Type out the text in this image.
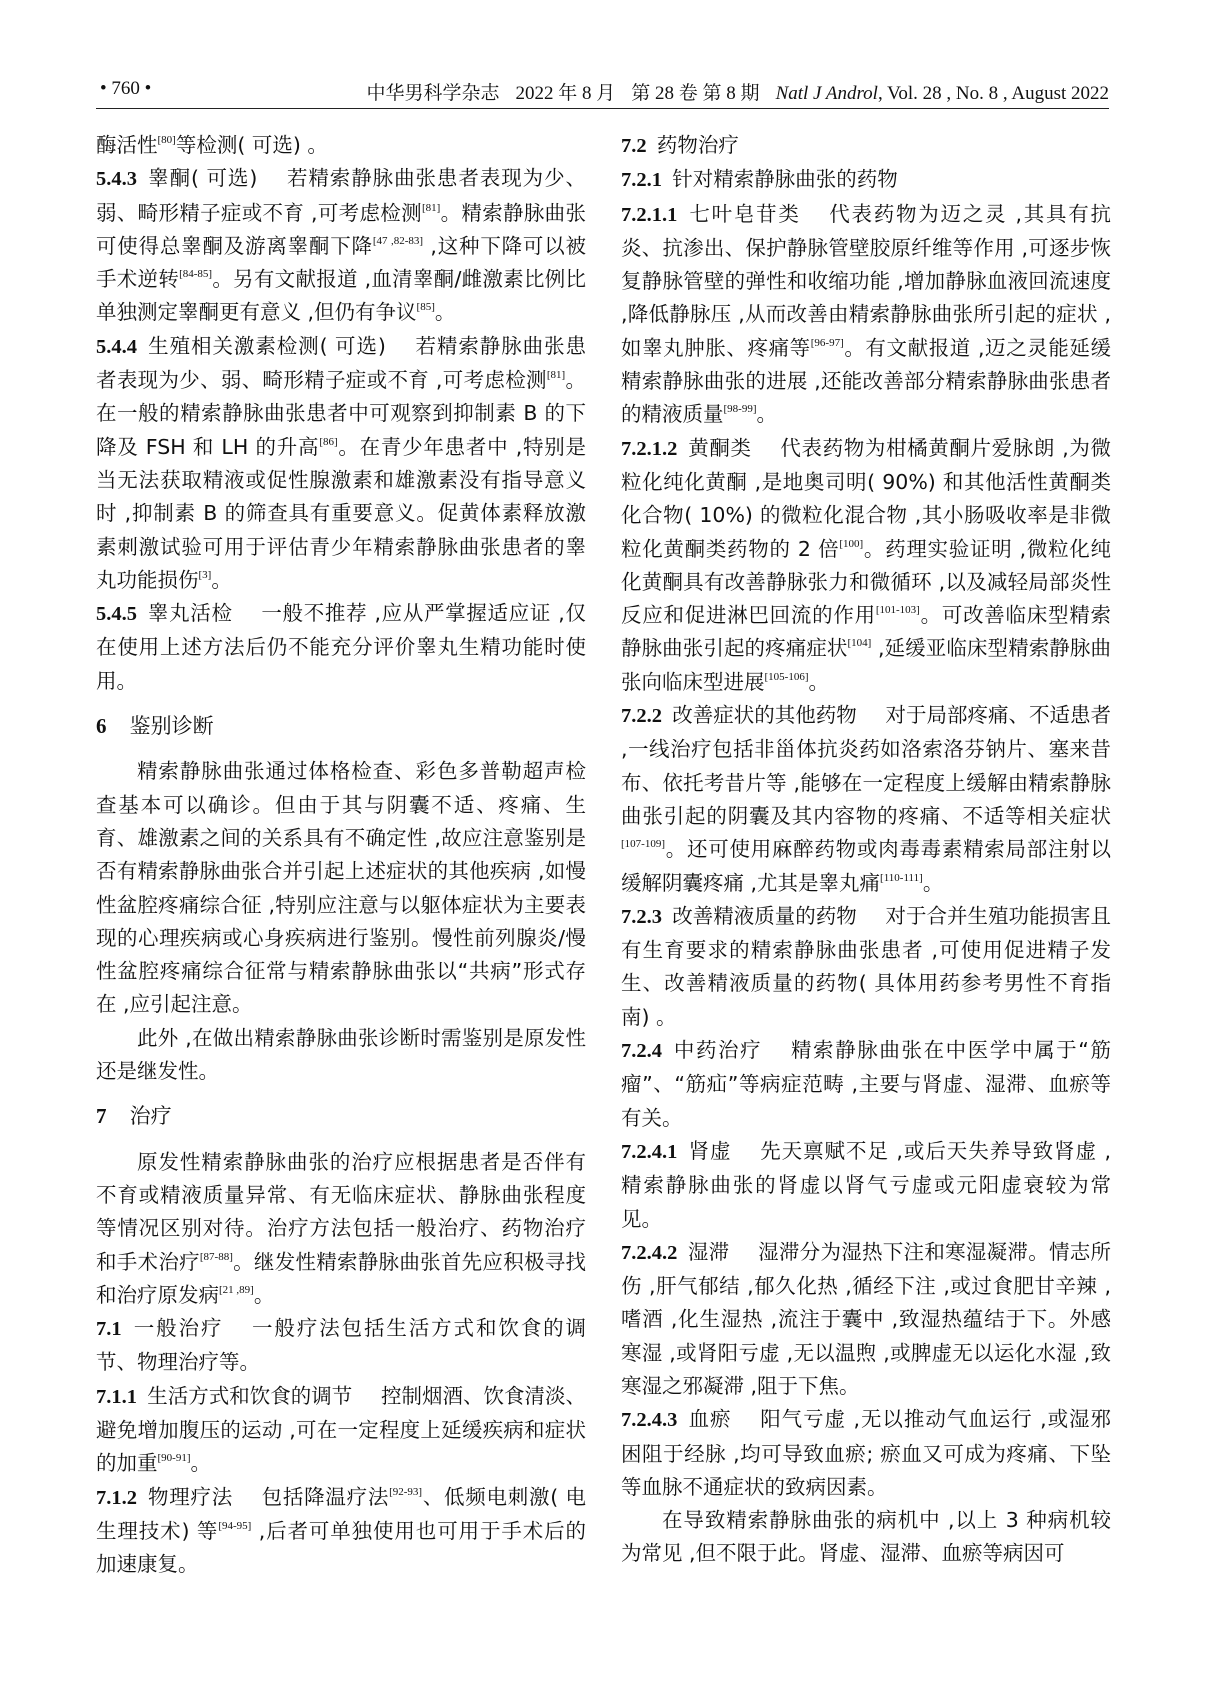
• 760 •	中华男科学杂志 2022 年 8 月 第 28 卷 第 8 期 Natl J Androl, Vol. 28 , No. 8 , August 2022

酶活性[80]等检测( 可选) 。

5.4.3 睾酮( 可选) 若精索静脉曲张患者表现为少、弱、畸形精子症或不育 ,可考虑检测[81]。精索静脉曲张可使得总睾酮及游离睾酮下降[47 ,82-83] ,这种下降可以被手术逆转[84-85]。另有文献报道 ,血清睾酮/雌激素比例比单独测定睾酮更有意义 ,但仍有争议[85]。

5.4.4 生殖相关激素检测( 可选) 若精索静脉曲张患者表现为少、弱、畸形精子症或不育 ,可考虑检测[81]。在一般的精索静脉曲张患者中可观察到抑制素 B 的下降及 FSH 和 LH 的升高[86]。在青少年患者中 ,特别是当无法获取精液或促性腺激素和雄激素没有指导意义时 ,抑制素 B 的筛查具有重要意义。促黄体素释放激素刺激试验可用于评估青少年精索静脉曲张患者的睾丸功能损伤[3]。

5.4.5 睾丸活检 一般不推荐 ,应从严掌握适应证 ,仅在使用上述方法后仍不能充分评价睾丸生精功能时使用。

6 鉴别诊断

精索静脉曲张通过体格检查、彩色多普勒超声检查基本可以确诊。但由于其与阴囊不适、疼痛、生育、雄激素之间的关系具有不确定性 ,故应注意鉴别是否有精索静脉曲张合并引起上述症状的其他疾病 ,如慢性盆腔疼痛综合征 ,特别应注意与以躯体症状为主要表现的心理疾病或心身疾病进行鉴别。慢性前列腺炎/慢性盆腔疼痛综合征常与精索静脉曲张以“共病”形式存在 ,应引起注意。

此外 ,在做出精索静脉曲张诊断时需鉴别是原发性还是继发性。

7 治疗

原发性精索静脉曲张的治疗应根据患者是否伴有不育或精液质量异常、有无临床症状、静脉曲张程度等情况区别对待。治疗方法包括一般治疗、药物治疗和手术治疗[87-88]。继发性精索静脉曲张首先应积极寻找和治疗原发病[21 ,89]。

7.1 一般治疗 一般疗法包括生活方式和饮食的调节、物理治疗等。

7.1.1 生活方式和饮食的调节 控制烟酒、饮食清淡、避免增加腹压的运动 ,可在一定程度上延缓疾病和症状的加重[90-91]。

7.1.2 物理疗法 包括降温疗法[92-93]、低频电刺激( 电生理技术) 等[94-95] ,后者可单独使用也可用于手术后的加速康复。

7.2 药物治疗

7.2.1 针对精索静脉曲张的药物

7.2.1.1 七叶皂苷类 代表药物为迈之灵 ,其具有抗炎、抗渗出、保护静脉管壁胶原纤维等作用 ,可逐步恢复静脉管壁的弹性和收缩功能 ,增加静脉血液回流速度 ,降低静脉压 ,从而改善由精索静脉曲张所引起的症状 ,如睾丸肿胀、疼痛等[96-97]。有文献报道 ,迈之灵能延缓精索静脉曲张的进展 ,还能改善部分精索静脉曲张患者的精液质量[98-99]。

7.2.1.2 黄酮类 代表药物为柑橘黄酮片爱脉朗 ,为微粒化纯化黄酮 ,是地奥司明( 90%) 和其他活性黄酮类化合物( 10%) 的微粒化混合物 ,其小肠吸收率是非微粒化黄酮类药物的 2 倍[100]。药理实验证明 ,微粒化纯化黄酮具有改善静脉张力和微循环 ,以及减轻局部炎性反应和促进淋巴回流的作用[101-103]。可改善临床型精索静脉曲张引起的疼痛症状[104] ,延缓亚临床型精索静脉曲张向临床型进展[105-106]。

7.2.2 改善症状的其他药物 对于局部疼痛、不适患者 ,一线治疗包括非甾体抗炎药如洛索洛芬钠片、塞来昔布、依托考昔片等 ,能够在一定程度上缓解由精索静脉曲张引起的阴囊及其内容物的疼痛、不适等相关症状[107-109]。还可使用麻醉药物或肉毒毒素精索局部注射以缓解阴囊疼痛 ,尤其是睾丸痛[110-111]。

7.2.3 改善精液质量的药物 对于合并生殖功能损害且有生育要求的精索静脉曲张患者 ,可使用促进精子发生、改善精液质量的药物( 具体用药参考男性不育指南) 。

7.2.4 中药治疗 精索静脉曲张在中医学中属于“筋瘤”、“筋疝”等病症范畴 ,主要与肾虚、湿滞、血瘀等有关。

7.2.4.1 肾虚 先天禀赋不足 ,或后天失养导致肾虚 ,精索静脉曲张的肾虚以肾气亏虚或元阳虚衰较为常见。

7.2.4.2 湿滞 湿滞分为湿热下注和寒湿凝滞。情志所伤 ,肝气郁结 ,郁久化热 ,循经下注 ,或过食肥甘辛辣 ,嗜酒 ,化生湿热 ,流注于囊中 ,致湿热蕴结于下。外感寒湿 ,或肾阳亏虚 ,无以温煦 ,或脾虚无以运化水湿 ,致寒湿之邪凝滞 ,阻于下焦。

7.2.4.3 血瘀 阳气亏虚 ,无以推动气血运行 ,或湿邪困阻于经脉 ,均可导致血瘀; 瘀血又可成为疼痛、下坠等血脉不通症状的致病因素。

在导致精索静脉曲张的病机中 ,以上 3 种病机较为常见 ,但不限于此。肾虚、湿滞、血瘀等病因可
